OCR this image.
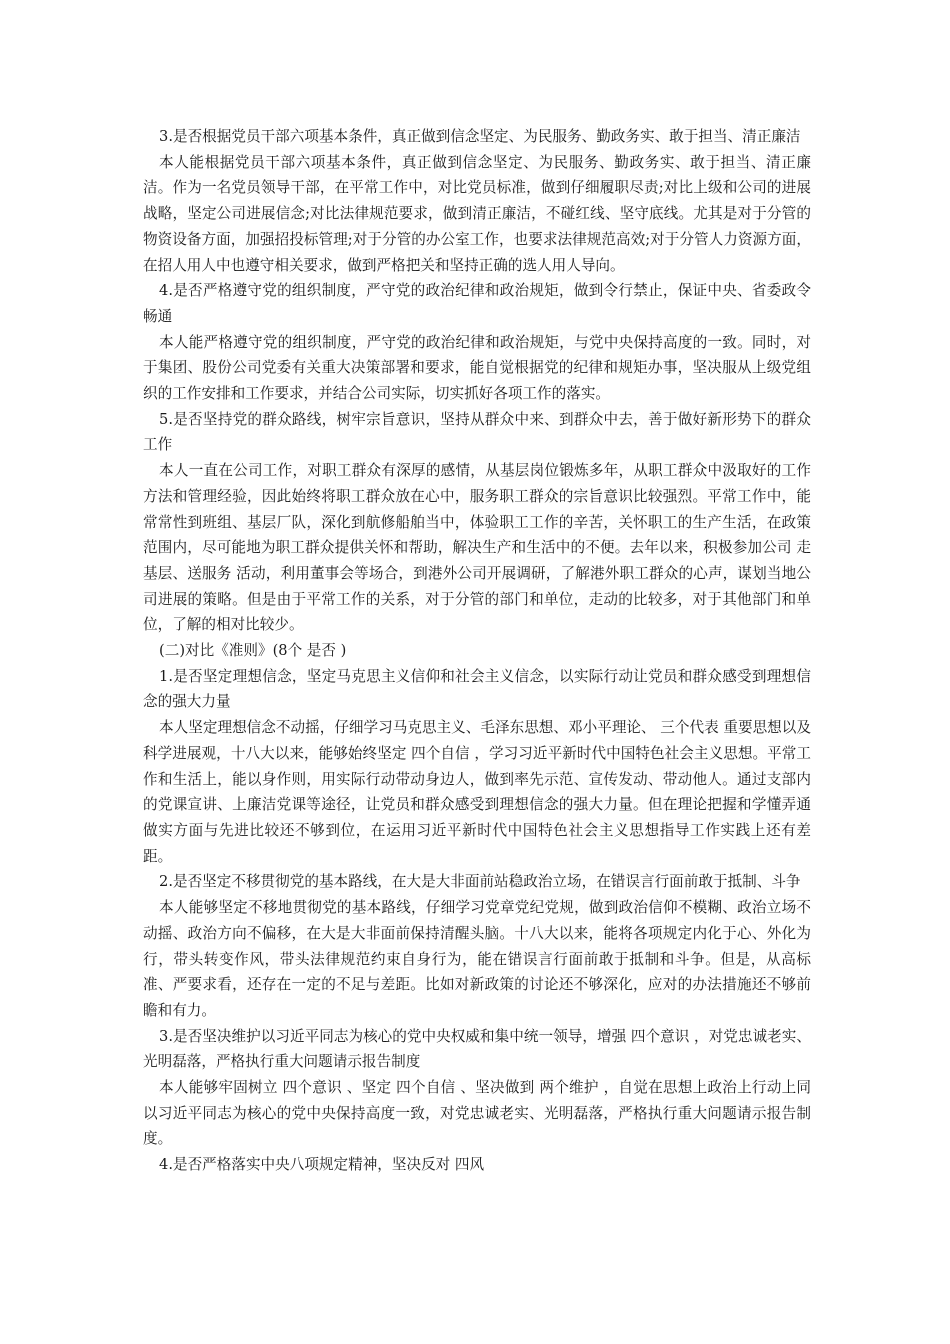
3.是否根据党员干部六项基本条件，真正做到信念坚定、为民服务、勤政务实、敢于担当、清正廉洁

本人能根据党员干部六项基本条件，真正做到信念坚定、为民服务、勤政务实、敢于担当、清正廉洁。作为一名党员领导干部，在平常工作中，对比党员标准，做到仔细履职尽责;对比上级和公司的进展战略，坚定公司进展信念;对比法律规范要求，做到清正廉洁，不碰红线、坚守底线。尤其是对于分管的物资设备方面，加强招投标管理;对于分管的办公室工作，也要求法律规范高效;对于分管人力资源方面，在招人用人中也遵守相关要求，做到严格把关和坚持正确的选人用人导向。

4.是否严格遵守党的组织制度，严守党的政治纪律和政治规矩，做到令行禁止，保证中央、省委政令畅通

本人能严格遵守党的组织制度，严守党的政治纪律和政治规矩，与党中央保持高度的一致。同时，对于集团、股份公司党委有关重大决策部署和要求，能自觉根据党的纪律和规矩办事，坚决服从上级党组织的工作安排和工作要求，并结合公司实际，切实抓好各项工作的落实。

5.是否坚持党的群众路线，树牢宗旨意识，坚持从群众中来、到群众中去，善于做好新形势下的群众工作

本人一直在公司工作，对职工群众有深厚的感情，从基层岗位锻炼多年，从职工群众中汲取好的工作方法和管理经验，因此始终将职工群众放在心中，服务职工群众的宗旨意识比较强烈。平常工作中，能常常性到班组、基层厂队，深化到航修船舶当中，体验职工工作的辛苦，关怀职工的生产生活，在政策范围内，尽可能地为职工群众提供关怀和帮助，解决生产和生活中的不便。去年以来，积极参加公司 走基层、送服务 活动，利用董事会等场合，到港外公司开展调研，了解港外职工群众的心声，谋划当地公司进展的策略。但是由于平常工作的关系，对于分管的部门和单位，走动的比较多，对于其他部门和单位，了解的相对比较少。

(二)对比《准则》(8个 是否 )

1.是否坚定理想信念，坚定马克思主义信仰和社会主义信念，以实际行动让党员和群众感受到理想信念的强大力量

本人坚定理想信念不动摇，仔细学习马克思主义、毛泽东思想、邓小平理论、 三个代表 重要思想以及科学进展观，十八大以来，能够始终坚定 四个自信 ，学习习近平新时代中国特色社会主义思想。平常工作和生活上，能以身作则，用实际行动带动身边人，做到率先示范、宣传发动、带动他人。通过支部内的党课宣讲、上廉洁党课等途径，让党员和群众感受到理想信念的强大力量。但在理论把握和学懂弄通做实方面与先进比较还不够到位，在运用习近平新时代中国特色社会主义思想指导工作实践上还有差距。

2.是否坚定不移贯彻党的基本路线，在大是大非面前站稳政治立场，在错误言行面前敢于抵制、斗争

本人能够坚定不移地贯彻党的基本路线，仔细学习党章党纪党规，做到政治信仰不模糊、政治立场不动摇、政治方向不偏移，在大是大非面前保持清醒头脑。十八大以来，能将各项规定内化于心、外化为行，带头转变作风，带头法律规范约束自身行为，能在错误言行面前敢于抵制和斗争。但是，从高标准、严要求看，还存在一定的不足与差距。比如对新政策的讨论还不够深化，应对的办法措施还不够前瞻和有力。

3.是否坚决维护以习近平同志为核心的党中央权威和集中统一领导，增强 四个意识 ，对党忠诚老实、光明磊落，严格执行重大问题请示报告制度

本人能够牢固树立 四个意识 、坚定 四个自信 、坚决做到 两个维护 ，自觉在思想上政治上行动上同以习近平同志为核心的党中央保持高度一致，对党忠诚老实、光明磊落，严格执行重大问题请示报告制度。

4.是否严格落实中央八项规定精神，坚决反对 四风
